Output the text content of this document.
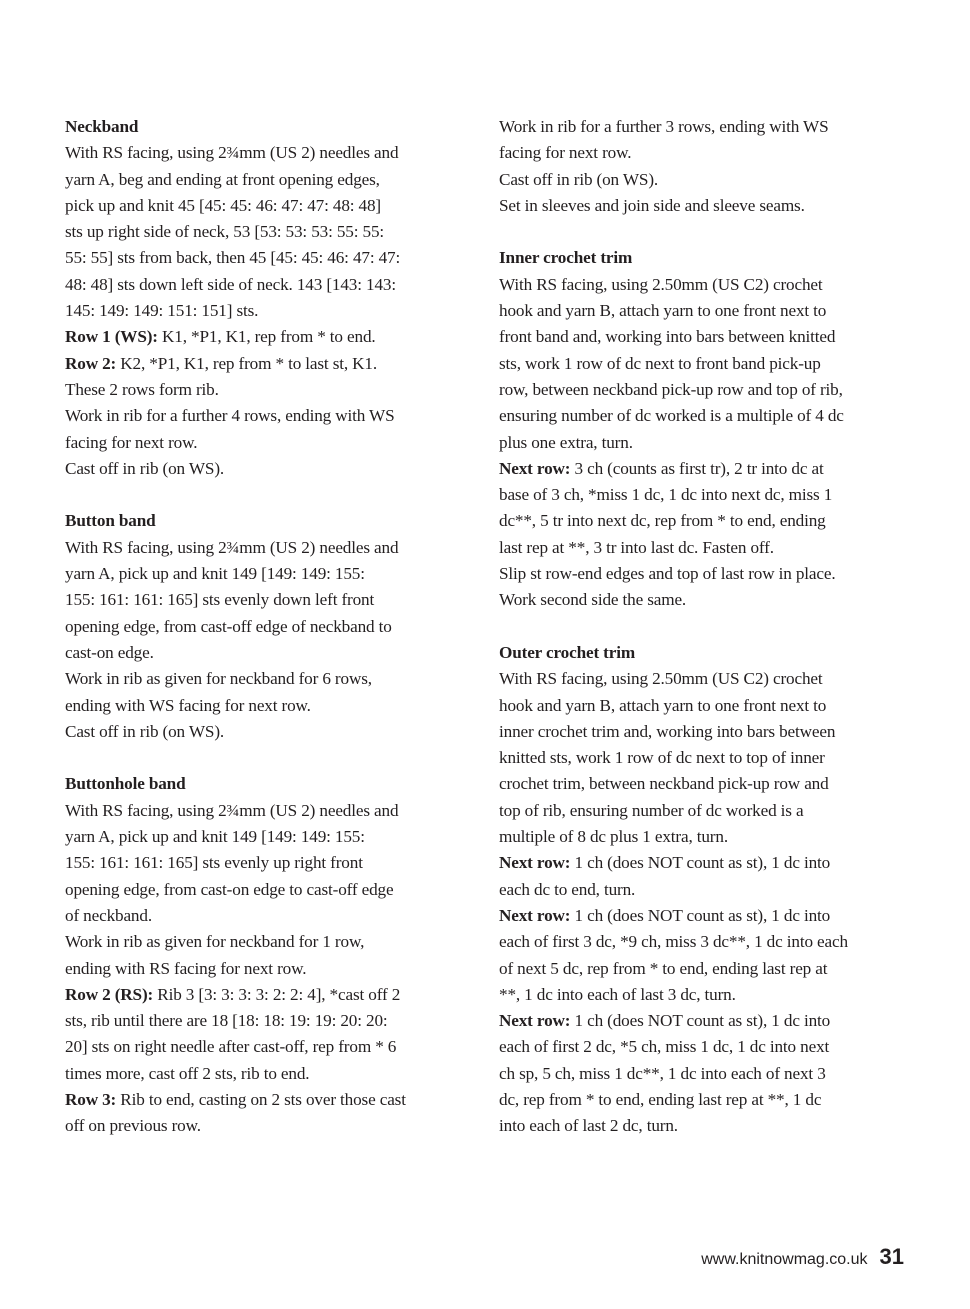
Neckband
With RS facing, using 2¾mm (US 2) needles and
yarn A, beg and ending at front opening edges,
pick up and knit 45 [45: 45: 46: 47: 47: 48: 48]
sts up right side of neck, 53 [53: 53: 53: 55: 55:
55: 55] sts from back, then 45 [45: 45: 46: 47: 47:
48: 48] sts down left side of neck. 143 [143: 143:
145: 149: 149: 151: 151] sts.
Row 1 (WS): K1, *P1, K1, rep from * to end.
Row 2: K2, *P1, K1, rep from * to last st, K1.
These 2 rows form rib.
Work in rib for a further 4 rows, ending with WS
facing for next row.
Cast off in rib (on WS).
Button band
With RS facing, using 2¾mm (US 2) needles and
yarn A, pick up and knit 149 [149: 149: 155:
155: 161: 161: 165] sts evenly down left front
opening edge, from cast-off edge of neckband to
cast-on edge.
Work in rib as given for neckband for 6 rows,
ending with WS facing for next row.
Cast off in rib (on WS).
Buttonhole band
With RS facing, using 2¾mm (US 2) needles and
yarn A, pick up and knit 149 [149: 149: 155:
155: 161: 161: 165] sts evenly up right front
opening edge, from cast-on edge to cast-off edge
of neckband.
Work in rib as given for neckband for 1 row,
ending with RS facing for next row.
Row 2 (RS): Rib 3 [3: 3: 3: 3: 2: 2: 4], *cast off 2
sts, rib until there are 18 [18: 18: 19: 19: 20: 20:
20] sts on right needle after cast-off, rep from * 6
times more, cast off 2 sts, rib to end.
Row 3: Rib to end, casting on 2 sts over those cast
off on previous row.
Work in rib for a further 3 rows, ending with WS
facing for next row.
Cast off in rib (on WS).
Set in sleeves and join side and sleeve seams.
Inner crochet trim
With RS facing, using 2.50mm (US C2) crochet
hook and yarn B, attach yarn to one front next to
front band and, working into bars between knitted
sts, work 1 row of dc next to front band pick-up
row, between neckband pick-up row and top of rib,
ensuring number of dc worked is a multiple of 4 dc
plus one extra, turn.
Next row: 3 ch (counts as first tr), 2 tr into dc at
base of 3 ch, *miss 1 dc, 1 dc into next dc, miss 1
dc**, 5 tr into next dc, rep from * to end, ending
last rep at **, 3 tr into last dc. Fasten off.
Slip st row-end edges and top of last row in place.
Work second side the same.
Outer crochet trim
With RS facing, using 2.50mm (US C2) crochet
hook and yarn B, attach yarn to one front next to
inner crochet trim and, working into bars between
knitted sts, work 1 row of dc next to top of inner
crochet trim, between neckband pick-up row and
top of rib, ensuring number of dc worked is a
multiple of 8 dc plus 1 extra, turn.
Next row: 1 ch (does NOT count as st), 1 dc into
each dc to end, turn.
Next row: 1 ch (does NOT count as st), 1 dc into
each of first 3 dc, *9 ch, miss 3 dc**, 1 dc into each
of next 5 dc, rep from * to end, ending last rep at
**, 1 dc into each of last 3 dc, turn.
Next row: 1 ch (does NOT count as st), 1 dc into
each of first 2 dc, *5 ch, miss 1 dc, 1 dc into next
ch sp, 5 ch, miss 1 dc**, 1 dc into each of next 3
dc, rep from * to end, ending last rep at **, 1 dc
into each of last 2 dc, turn.
www.knitnowmag.co.uk 31
